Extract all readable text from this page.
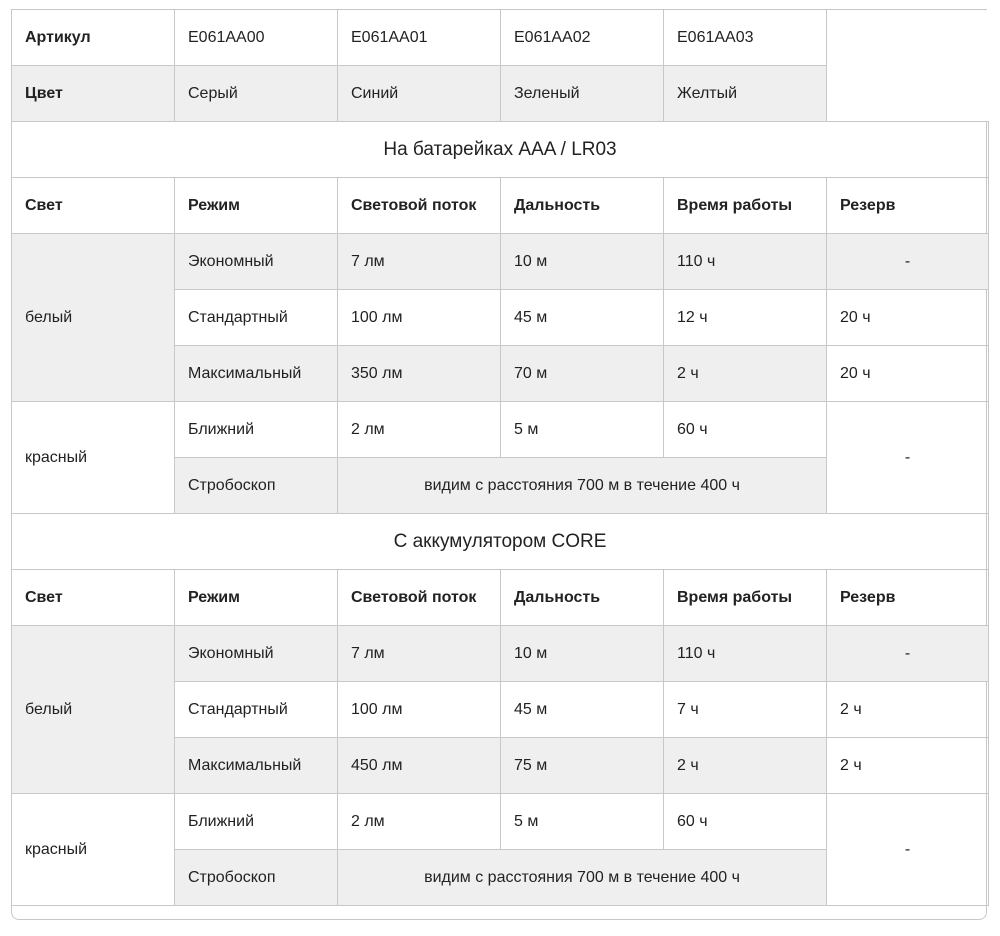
Артикул	E061AA00	E061AA01	E061AA02	E061AA03	
Цвет	Серый	Синий	Зеленый	Желтый	
На батарейках AAA / LR03					
Свет	Режим	Световой поток	Дальность	Время работы	Резерв
белый	Экономный	7 лм	10 м	110 ч	-
	Стандартный	100 лм	45 м	12 ч	20 ч
	Максимальный	350 лм	70 м	2 ч	20 ч
красный	Ближний	2 лм	5 м	60 ч	-
	Стробоскоп	видим с расстояния 700 м в течение 400 ч			
С аккумулятором CORE					
Свет	Режим	Световой поток	Дальность	Время работы	Резерв
белый	Экономный	7 лм	10 м	110 ч	-
	Стандартный	100 лм	45 м	7 ч	2 ч
	Максимальный	450 лм	75 м	2 ч	2 ч
красный	Ближний	2 лм	5 м	60 ч	-
	Стробоскоп	видим с расстояния 700 м в течение 400 ч			
